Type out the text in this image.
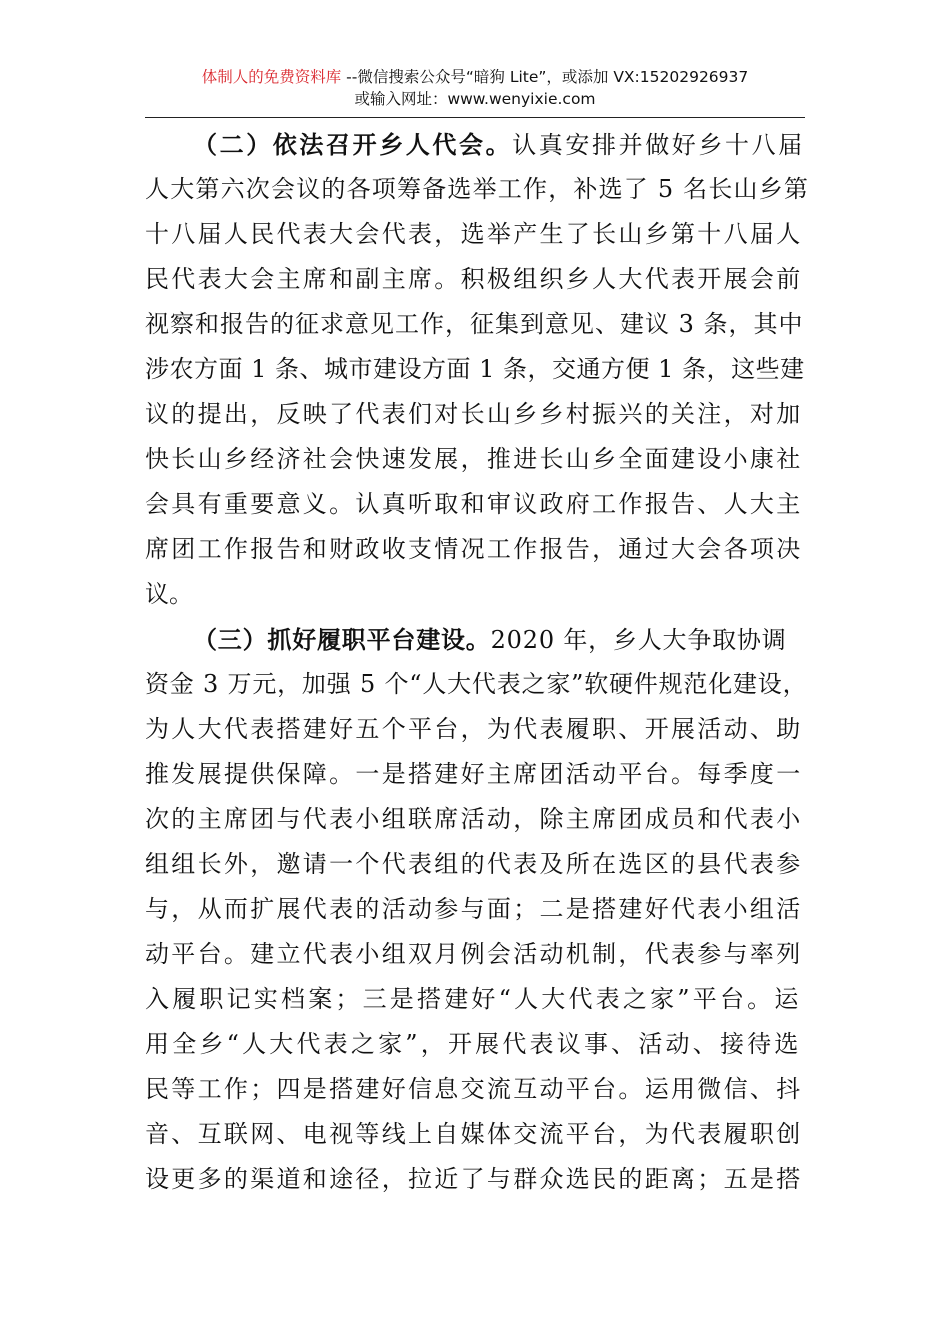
体制人的免费资料库 --微信搜索公众号“暗狗 Lite”，或添加 VX:15202926937
或输入网址：www.wenyixie.com
（二）依法召开乡人代会。认真安排并做好乡十八届
人大第六次会议的各项筹备选举工作，补选了 5 名长山乡第
十八届人民代表大会代表，选举产生了长山乡第十八届人
民代表大会主席和副主席。积极组织乡人大代表开展会前
视察和报告的征求意见工作，征集到意见、建议 3 条，其中
涉农方面 1 条、城市建设方面 1 条，交通方便 1 条，这些建
议的提出，反映了代表们对长山乡乡村振兴的关注，对加
快长山乡经济社会快速发展，推进长山乡全面建设小康社
会具有重要意义。认真听取和审议政府工作报告、人大主
席团工作报告和财政收支情况工作报告，通过大会各项决
议。
（三）抓好履职平台建设。2020 年，乡人大争取协调
资金 3 万元，加强 5 个“人大代表之家”软硬件规范化建设，
为人大代表搭建好五个平台，为代表履职、开展活动、助
推发展提供保障。一是搭建好主席团活动平台。每季度一
次的主席团与代表小组联席活动，除主席团成员和代表小
组组长外，邀请一个代表组的代表及所在选区的县代表参
与，从而扩展代表的活动参与面；二是搭建好代表小组活
动平台。建立代表小组双月例会活动机制，代表参与率列
入履职记实档案；三是搭建好“人大代表之家”平台。运
用全乡“人大代表之家”，开展代表议事、活动、接待选
民等工作；四是搭建好信息交流互动平台。运用微信、抖
音、互联网、电视等线上自媒体交流平台，为代表履职创
设更多的渠道和途径，拉近了与群众选民的距离；五是搭
